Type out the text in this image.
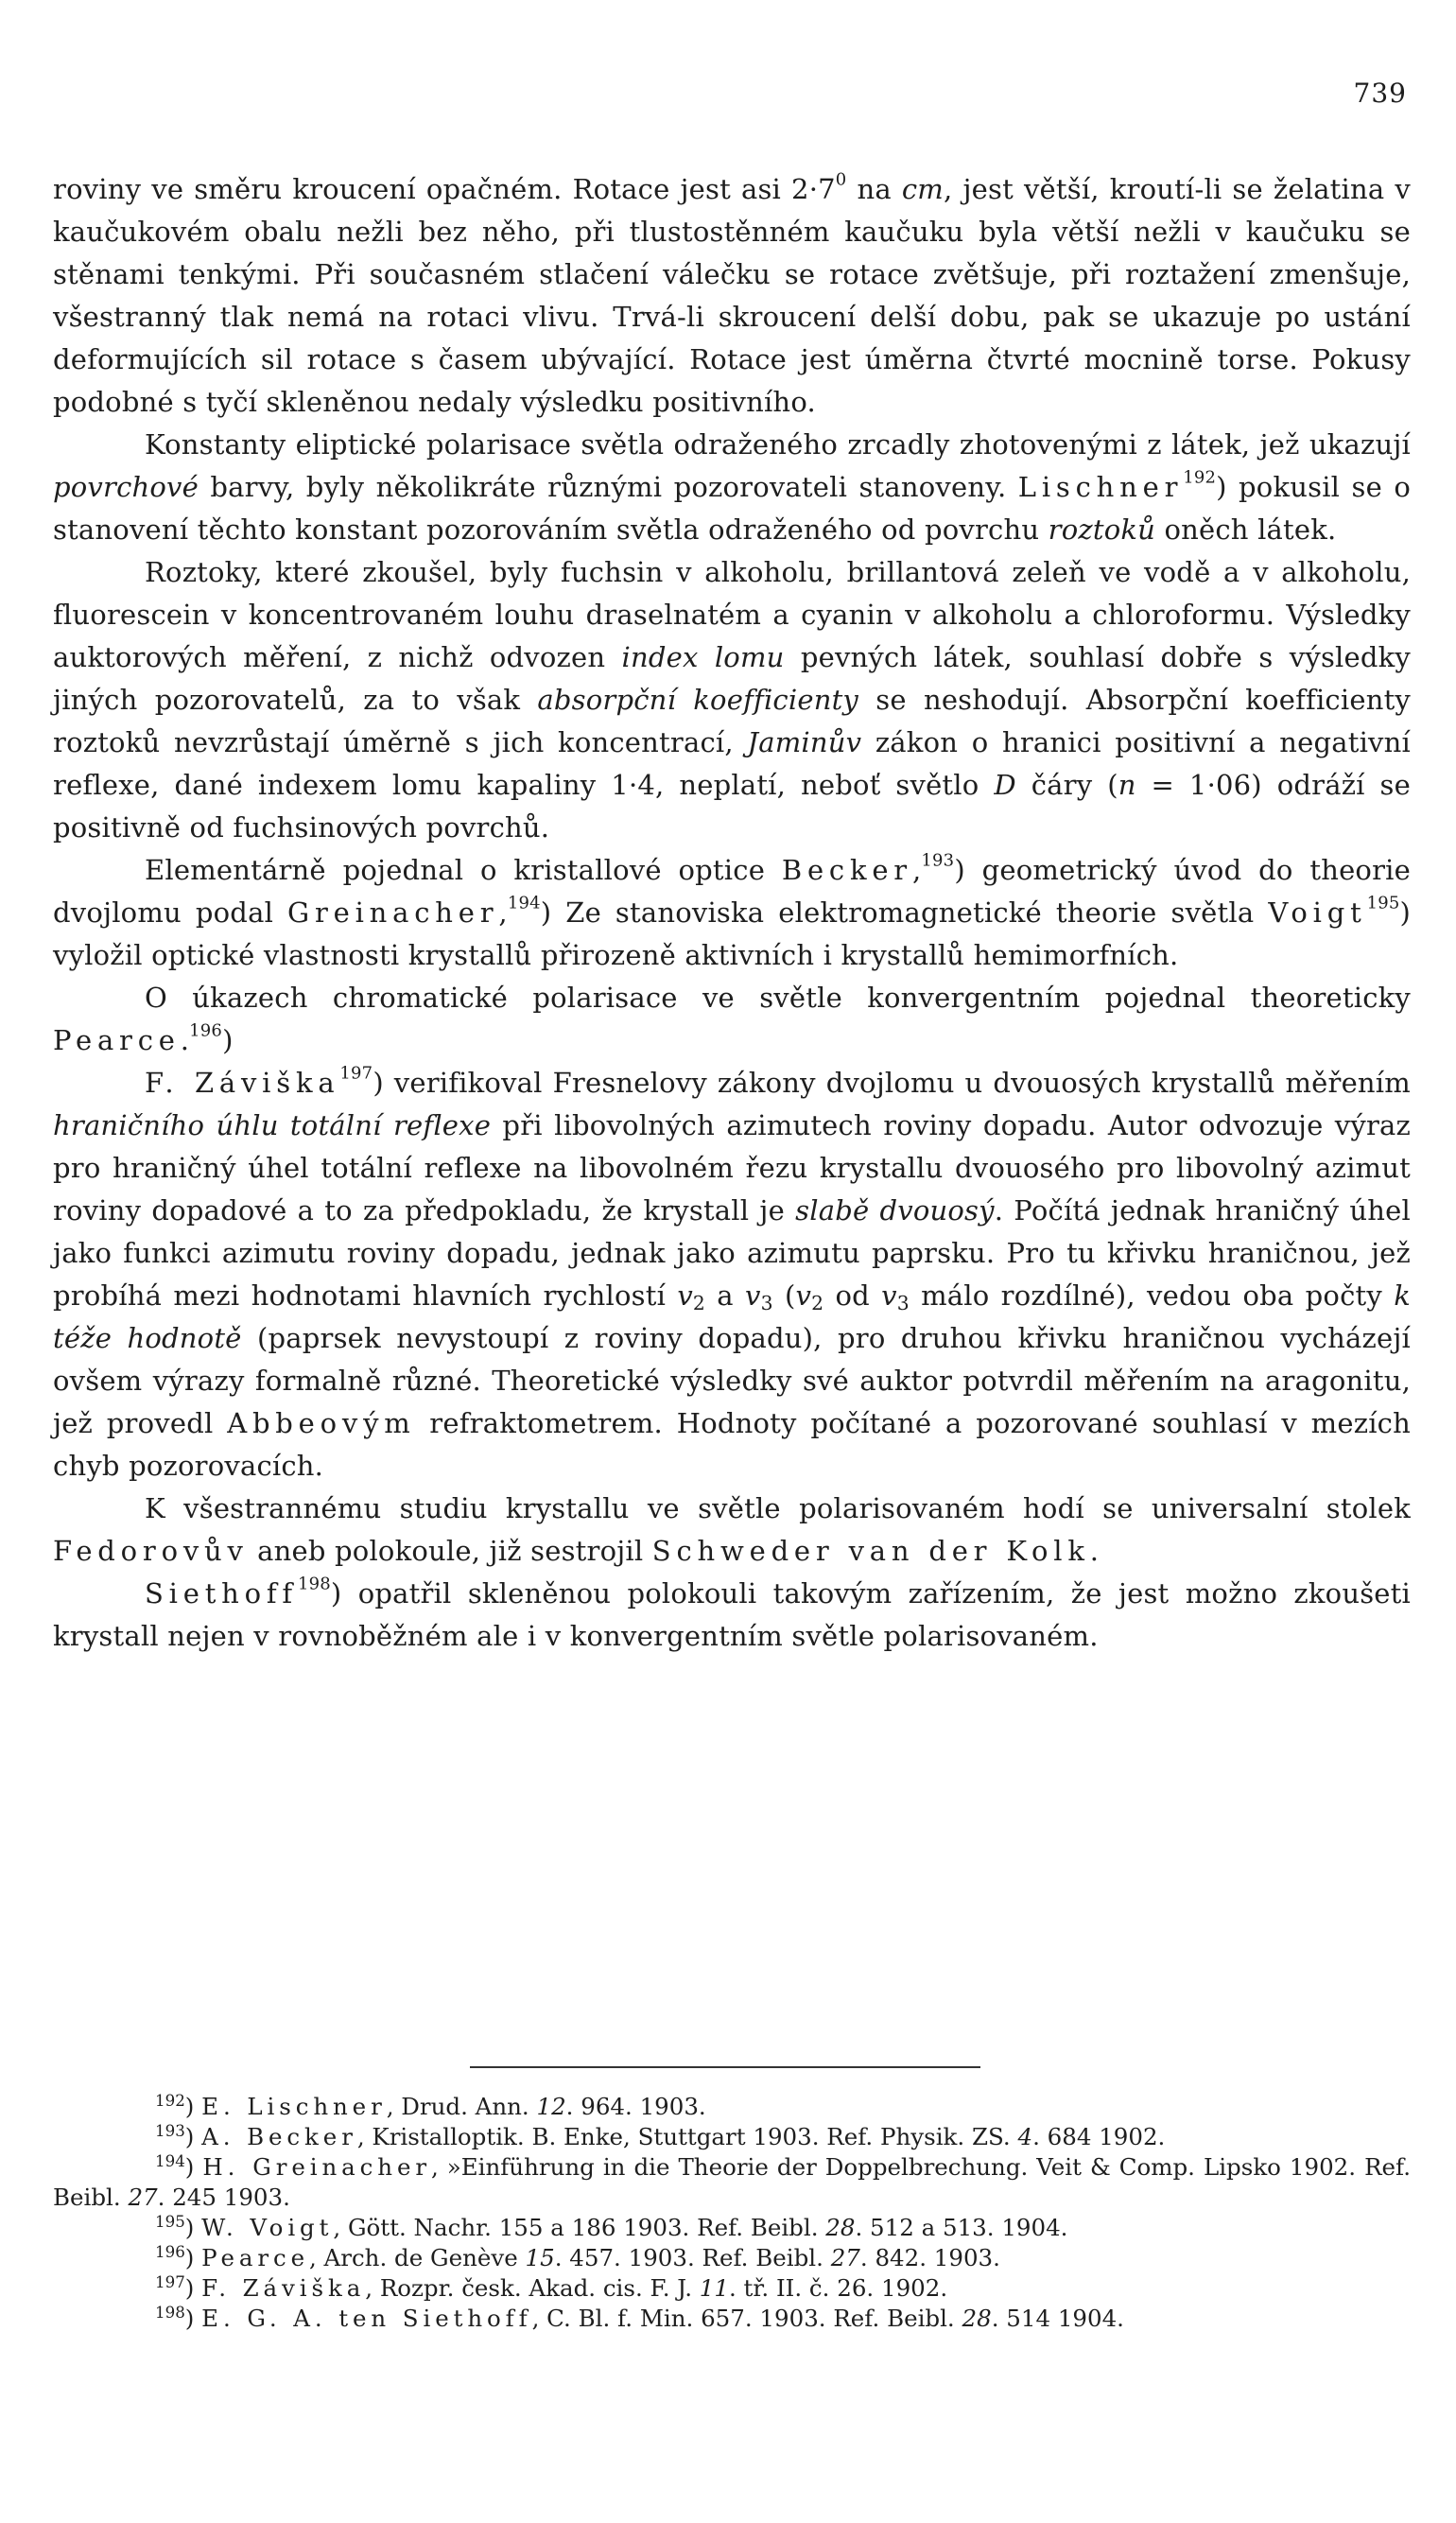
739

roviny ve směru kroucení opačném. Rotace jest asi $2\cdot 7^0$ na cm, jest větší, kroutí-li se želatina v kaučukovém obalu nežli bez něho, při tlustostěnném kaučuku byla větší nežli v kaučuku se stěnami tenkými. Při současném stlačení válečku se rotace zvětšuje, při roztažení zmenšuje, všestranný tlak nemá na rotaci vlivu. Trvá-li skroucení delší dobu, pak se ukazuje po ustání deformujících sil rotace s časem ubývající. Rotace jest úměrna čtvrté mocnině torse. Pokusy podobné s tyčí skleněnou nedaly výsledku positivního.

Konstanty eliptické polarisace světla odraženého zrcadly zhotovenými z látek, jež ukazují povrchové barvy, byly několikráte různými pozorovateli stanoveny. Lischner$^{192}$) pokusil se o stanovení těchto konstant pozorováním světla odraženého od povrchu roztoků oněch látek.

Roztoky, které zkoušel, byly fuchsin v alkoholu, brillantová zeleň ve vodě a v alkoholu, fluorescein v koncentrovaném louhu draselnatém a cyanin v alkoholu a chloroformu. Výsledky auktorových měření, z nichž odvozen index lomu pevných látek, souhlasí dobře s výsledky jiných pozorovatelů, za to však absorpční koefficienty se neshodují. Absorpční koefficienty roztoků nevzrůstají úměrně s jich koncentrací, Jaminův zákon o hranici positivní a negativní reflexe, dané indexem lomu kapaliny 1·4, neplatí, neboť světlo D čáry (n = 1·06) odráží se positivně od fuchsinových povrchů.

Elementárně pojednal o kristallové optice Becker,$^{193}$) geometrický úvod do theorie dvojlomu podal Greinacher,$^{194}$) Ze stanoviska elektromagnetické theorie světla Voigt$^{195}$) vyložil optické vlastnosti krystallů přirozeně aktivních i krystallů hemimorfních.

O úkazech chromatické polarisace ve světle konvergentním pojednal theoreticky Pearce.$^{196}$)

F. Záviška$^{197}$) verifikoval Fresnelovy zákony dvojlomu u dvouosých krystallů měřením hraničního úhlu totální reflexe při libovolných azimutech roviny dopadu. Autor odvozuje výraz pro hraničný úhel totální reflexe na libovolném řezu krystallu dvouosého pro libovolný azimut roviny dopadové a to za předpokladu, že krystall je slabě dvouosý. Počítá jednak hraničný úhel jako funkci azimutu roviny dopadu, jednak jako azimutu paprsku. Pro tu křivku hraničnou, jež probíhá mezi hodnotami hlavních rychlostí $v_2$ a $v_3$ ($v_2$ od $v_3$ málo rozdílné), vedou oba počty k téže hodnotě (paprsek nevystoupí z roviny dopadu), pro druhou křivku hraničnou vycházejí ovšem výrazy formalně různé. Theoretické výsledky své auktor potvrdil měřením na aragonitu, jež provedl Abbeovým refraktometrem. Hodnoty počítané a pozorované souhlasí v mezích chyb pozorovacích.

K všestrannému studiu krystallu ve světle polarisovaném hodí se universalní stolek Fedorovův aneb polokoule, již sestrojil Schweder van der Kolk.

Siethoff$^{198}$) opatřil skleněnou polokouli takovým zařízením, že jest možno zkoušeti krystall nejen v rovnoběžném ale i v konvergentním světle polarisovaném.

$^{192}$) E. Lischner, Drud. Ann. 12. 964. 1903.

$^{193}$) A. Becker, Kristalloptik. B. Enke, Stuttgart 1903. Ref. Physik. ZS. 4. 684 1902.

$^{194}$) H. Greinacher, »Einführung in die Theorie der Doppelbrechung. Veit & Comp. Lipsko 1902. Ref. Beibl. 27. 245 1903.

$^{195}$) W. Voigt, Gött. Nachr. 155 a 186 1903. Ref. Beibl. 28. 512 a 513. 1904.

$^{196}$) Pearce, Arch. de Genève 15. 457. 1903. Ref. Beibl. 27. 842. 1903.

$^{197}$) F. Záviška, Rozpr. česk. Akad. cis. F. J. 11. tř. II. č. 26. 1902.

$^{198}$) E. G. A. ten Siethoff, C. Bl. f. Min. 657. 1903. Ref. Beibl. 28. 514 1904.
